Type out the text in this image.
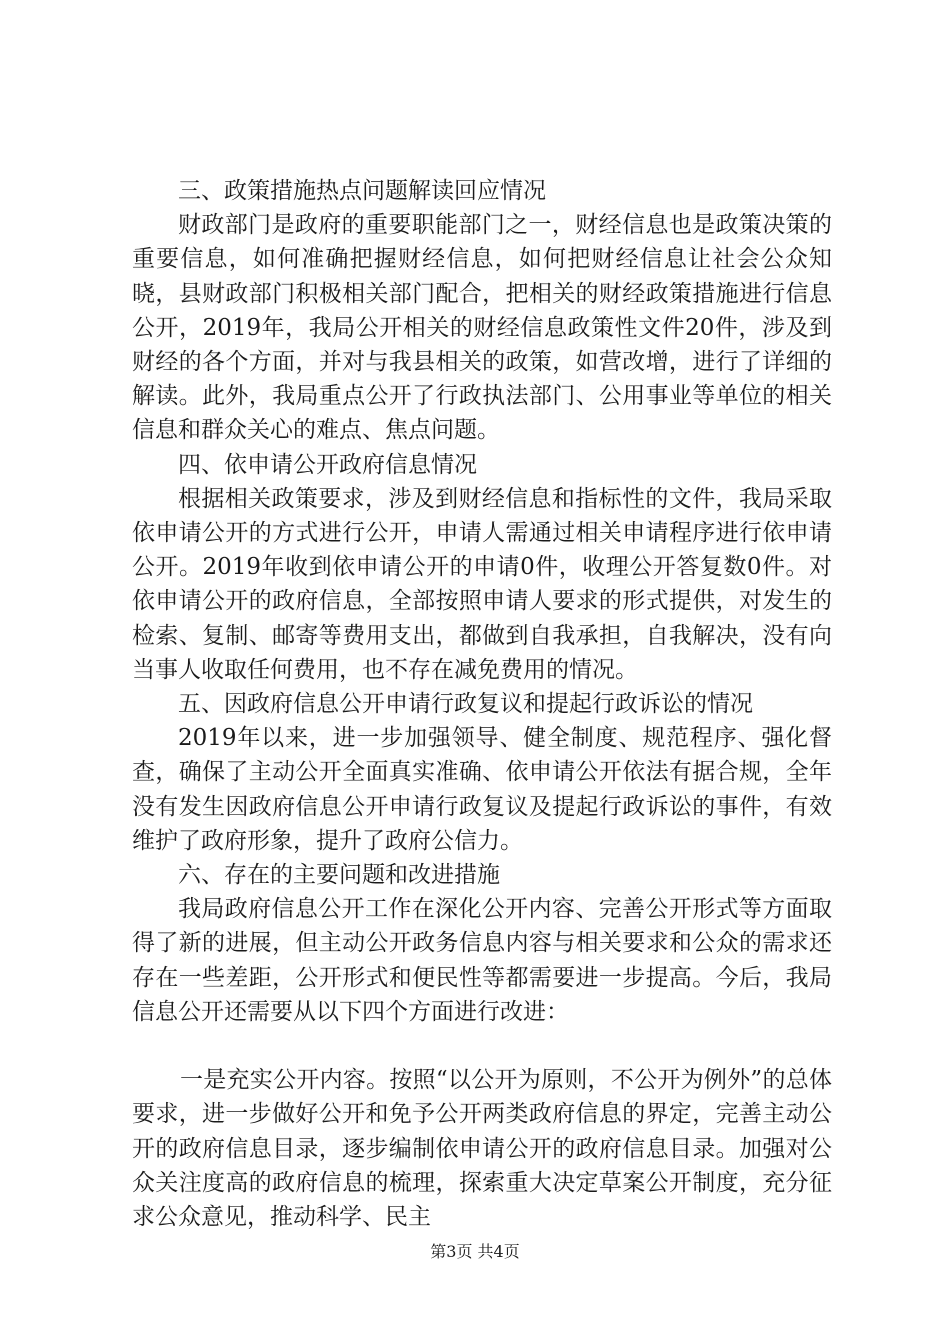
三、政策措施热点问题解读回应情况

财政部门是政府的重要职能部门之一，财经信息也是政策决策的重要信息，如何准确把握财经信息，如何把财经信息让社会公众知晓，县财政部门积极相关部门配合，把相关的财经政策措施进行信息公开，2019年，我局公开相关的财经信息政策性文件20件，涉及到财经的各个方面，并对与我县相关的政策，如营改增，进行了详细的解读。此外，我局重点公开了行政执法部门、公用事业等单位的相关信息和群众关心的难点、焦点问题。

四、依申请公开政府信息情况

根据相关政策要求，涉及到财经信息和指标性的文件，我局采取依申请公开的方式进行公开，申请人需通过相关申请程序进行依申请公开。2019年收到依申请公开的申请0件，收理公开答复数0件。对依申请公开的政府信息，全部按照申请人要求的形式提供，对发生的检索、复制、邮寄等费用支出，都做到自我承担，自我解决，没有向当事人收取任何费用，也不存在减免费用的情况。

五、因政府信息公开申请行政复议和提起行政诉讼的情况

2019年以来，进一步加强领导、健全制度、规范程序、强化督查，确保了主动公开全面真实准确、依申请公开依法有据合规，全年没有发生因政府信息公开申请行政复议及提起行政诉讼的事件，有效维护了政府形象，提升了政府公信力。

六、存在的主要问题和改进措施

我局政府信息公开工作在深化公开内容、完善公开形式等方面取得了新的进展，但主动公开政务信息内容与相关要求和公众的需求还存在一些差距，公开形式和便民性等都需要进一步提高。今后，我局信息公开还需要从以下四个方面进行改进：

一是充实公开内容。按照“以公开为原则，不公开为例外”的总体要求，进一步做好公开和免予公开两类政府信息的界定，完善主动公开的政府信息目录，逐步编制依申请公开的政府信息目录。加强对公众关注度高的政府信息的梳理，探索重大决定草案公开制度，充分征求公众意见，推动科学、民主

第3页 共4页
